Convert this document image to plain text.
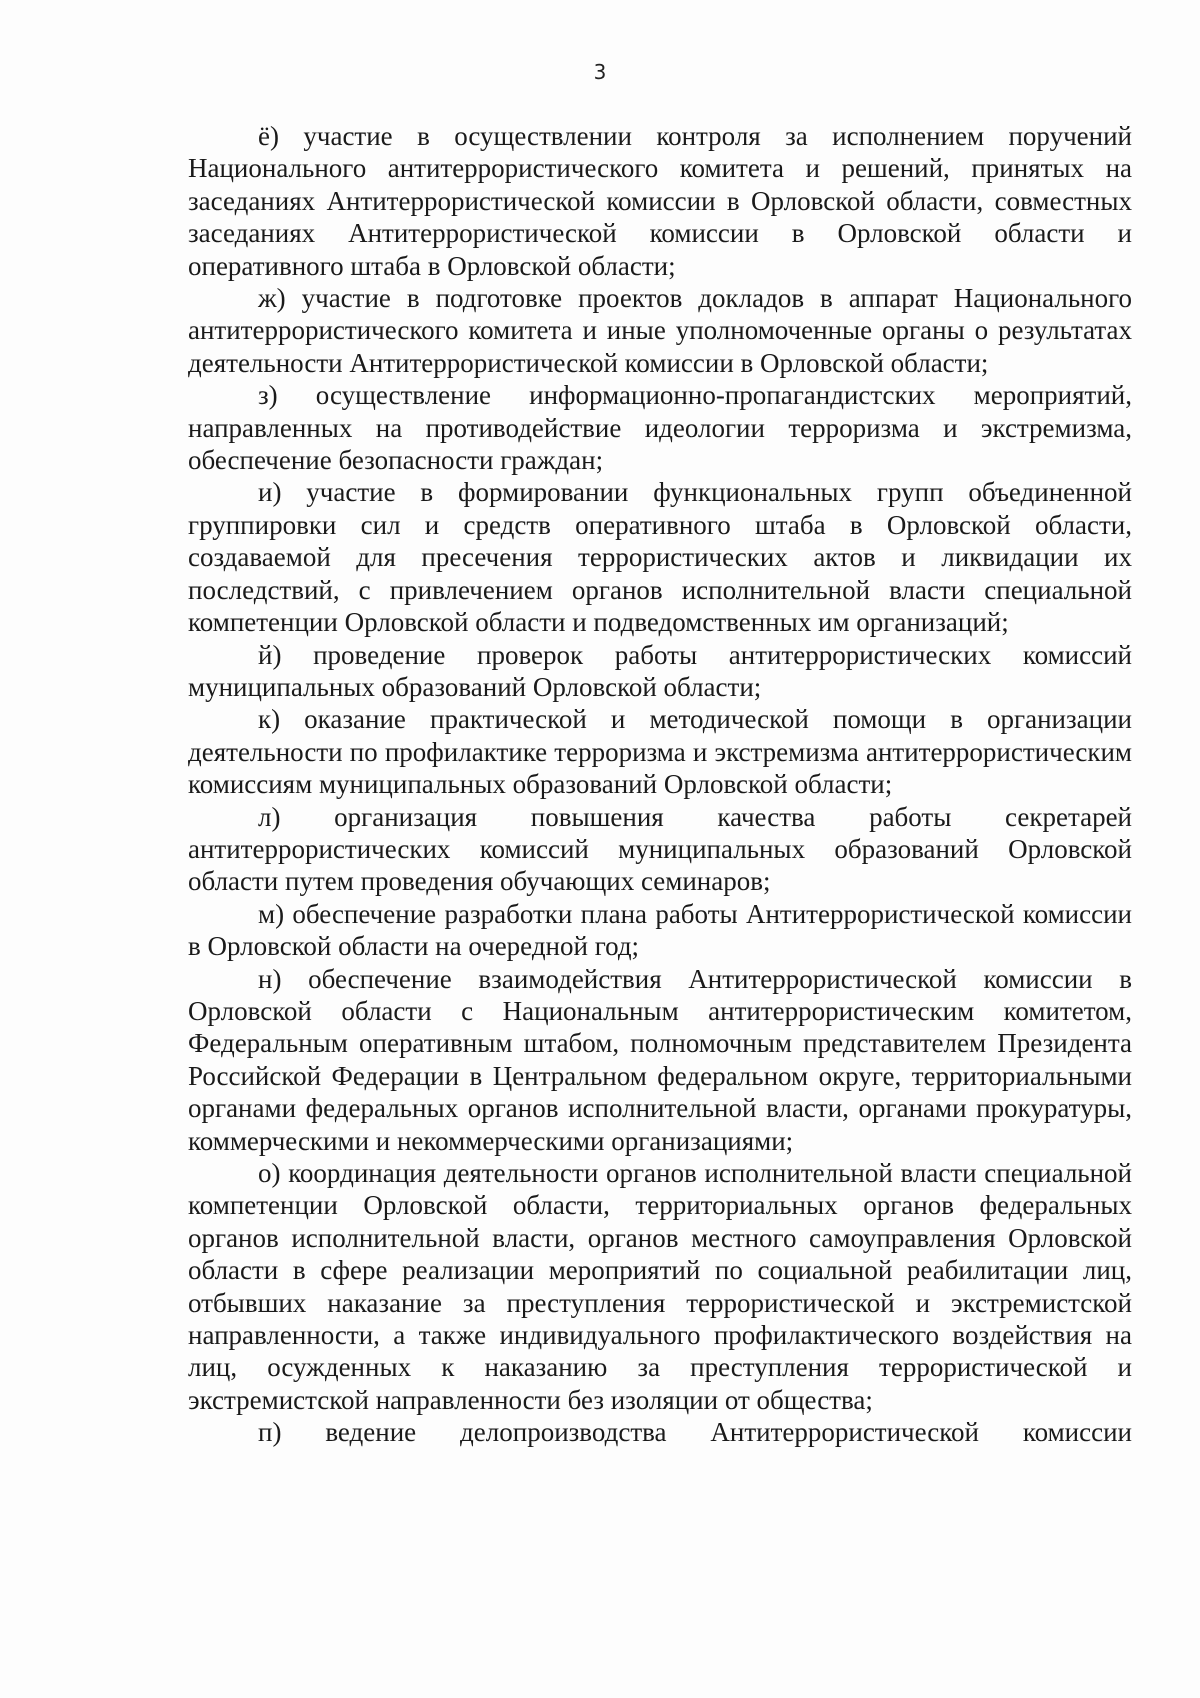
3

ё) участие в осуществлении контроля за исполнением поручений Национального антитеррористического комитета и решений, принятых на заседаниях Антитеррористической комиссии в Орловской области, совместных заседаниях Антитеррористической комиссии в Орловской области и оперативного штаба в Орловской области;

ж) участие в подготовке проектов докладов в аппарат Национального антитеррористического комитета и иные уполномоченные органы о результатах деятельности Антитеррористической комиссии в Орловской области;

з) осуществление информационно-пропагандистских мероприятий, направленных на противодействие идеологии терроризма и экстремизма, обеспечение безопасности граждан;

и) участие в формировании функциональных групп объединенной группировки сил и средств оперативного штаба в Орловской области, создаваемой для пресечения террористических актов и ликвидации их последствий, с привлечением органов исполнительной власти специальной компетенции Орловской области и подведомственных им организаций;

й) проведение проверок работы антитеррористических комиссий муниципальных образований Орловской области;

к) оказание практической и методической помощи в организации деятельности по профилактике терроризма и экстремизма антитеррористическим комиссиям муниципальных образований Орловской области;

л) организация повышения качества работы секретарей антитеррористических комиссий муниципальных образований Орловской области путем проведения обучающих семинаров;

м) обеспечение разработки плана работы Антитеррористической комиссии в Орловской области на очередной год;

н) обеспечение взаимодействия Антитеррористической комиссии в Орловской области с Национальным антитеррористическим комитетом, Федеральным оперативным штабом, полномочным представителем Президента Российской Федерации в Центральном федеральном округе, территориальными органами федеральных органов исполнительной власти, органами прокуратуры, коммерческими и некоммерческими организациями;

о) координация деятельности органов исполнительной власти специальной компетенции Орловской области, территориальных органов федеральных органов исполнительной власти, органов местного самоуправления Орловской области в сфере реализации мероприятий по социальной реабилитации лиц, отбывших наказание за преступления террористической и экстремистской направленности, а также индивидуального профилактического воздействия на лиц, осужденных к наказанию за преступления террористической и экстремистской направленности без изоляции от общества;

п) ведение делопроизводства Антитеррористической комиссии
